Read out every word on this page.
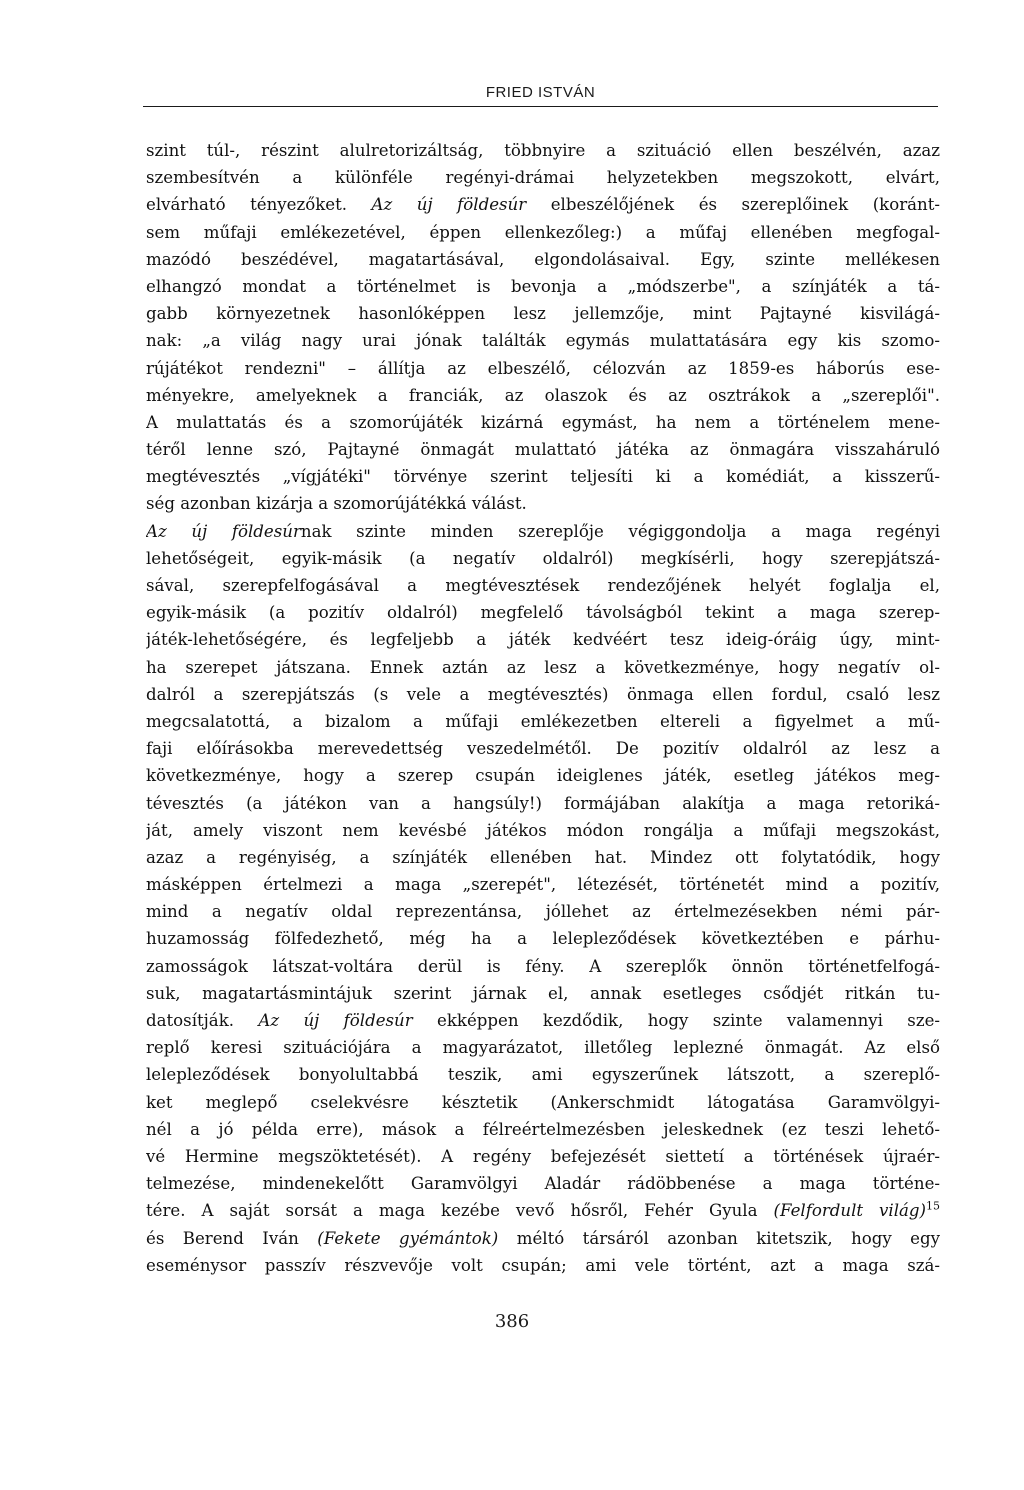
FRIED ISTVÁN
szint túl-, részint alulretorizáltság, többnyire a szituáció ellen beszélvén, azaz
szembesítvén a különféle regényi-drámai helyzetekben megszokott, elvárt,
elvárható tényezőket. Az új földesúr elbeszélőjének és szereplőinek (koránt-
sem műfaji emlékezetével, éppen ellenkezőleg:) a műfaj ellenében megfogal-
mazódó beszédével, magatartásával, elgondolásaival. Egy, szinte mellékesen
elhangzó mondat a történelmet is bevonja a „módszerbe", a színjáték a tá-
gabb környezetnek hasonlóképpen lesz jellemzője, mint Pajtayné kisvilágá-
nak: „a világ nagy urai jónak találták egymás mulattatására egy kis szomo-
rújátékot rendezni" – állítja az elbeszélő, célozván az 1859-es háborús ese-
ményekre, amelyeknek a franciák, az olaszok és az osztrákok a „szereplői".
A mulattatás és a szomorújáték kizárná egymást, ha nem a történelem mene-
téről lenne szó, Pajtayné önmagát mulattató játéka az önmagára visszaháruló
megtévesztés „vígjátéki" törvénye szerint teljesíti ki a komédiát, a kisszerű-
ség azonban kizárja a szomorújátékká válást.
Az új földesúrnak szinte minden szereplője végiggondolja a maga regényi
lehetőségeit, egyik-másik (a negatív oldalról) megkísérli, hogy szerepjátszá-
sával, szerepfelfogásával a megtévesztések rendezőjének helyét foglalja el,
egyik-másik (a pozitív oldalról) megfelelő távolságból tekint a maga szerep-
játék-lehetőségére, és legfeljebb a játék kedvéért tesz ideig-óráig úgy, mint-
ha szerepet játszana. Ennek aztán az lesz a következménye, hogy negatív ol-
dalról a szerepjátszás (s vele a megtévesztés) önmaga ellen fordul, csaló lesz
megcsalatottá, a bizalom a műfaji emlékezetben eltereli a figyelmet a mű-
faji előírásokba merevedettség veszedelmétől. De pozitív oldalról az lesz a
következménye, hogy a szerep csupán ideiglenes játék, esetleg játékos meg-
tévesztés (a játékon van a hangsúly!) formájában alakítja a maga retoriká-
ját, amely viszont nem kevésbé játékos módon rongálja a műfaji megszokást,
azaz a regényiség, a színjáték ellenében hat. Mindez ott folytatódik, hogy
másképpen értelmezi a maga „szerepét", létezését, történetét mind a pozitív,
mind a negatív oldal reprezentánsa, jóllehet az értelmezésekben némi pár-
huzamosság fölfedezhető, még ha a lelepleződések következtében e párhu-
zamosságok látszat-voltára derül is fény. A szereplők önnön történetfelfogá-
suk, magatartásmintájuk szerint járnak el, annak esetleges csődjét ritkán tu-
datosítják. Az új földesúr ekképpen kezdődik, hogy szinte valamennyi sze-
replő keresi szituációjára a magyarázatot, illetőleg leplezné önmagát. Az első
lelepleződések bonyolultabbá teszik, ami egyszerűnek látszott, a szereplő-
ket meglepő cselekvésre késztetik (Ankerschmidt látogatása Garamvölgyi-
nél a jó példa erre), mások a félreértelmezésben jeleskednek (ez teszi lehető-
vé Hermine megszöktetését). A regény befejezését siettetí a történések újraér-
telmezése, mindenekelőtt Garamvölgyi Aladár rádöbbenése a maga történe-
tére. A saját sorsát a maga kezébe vevő hősről, Fehér Gyula (Felfordult világ)$^{15}$
és Berend Iván (Fekete gyémántok) méltó társáról azonban kitetszik, hogy egy
eseménysor passzív részvevője volt csupán; ami vele történt, azt a maga szá-
386
